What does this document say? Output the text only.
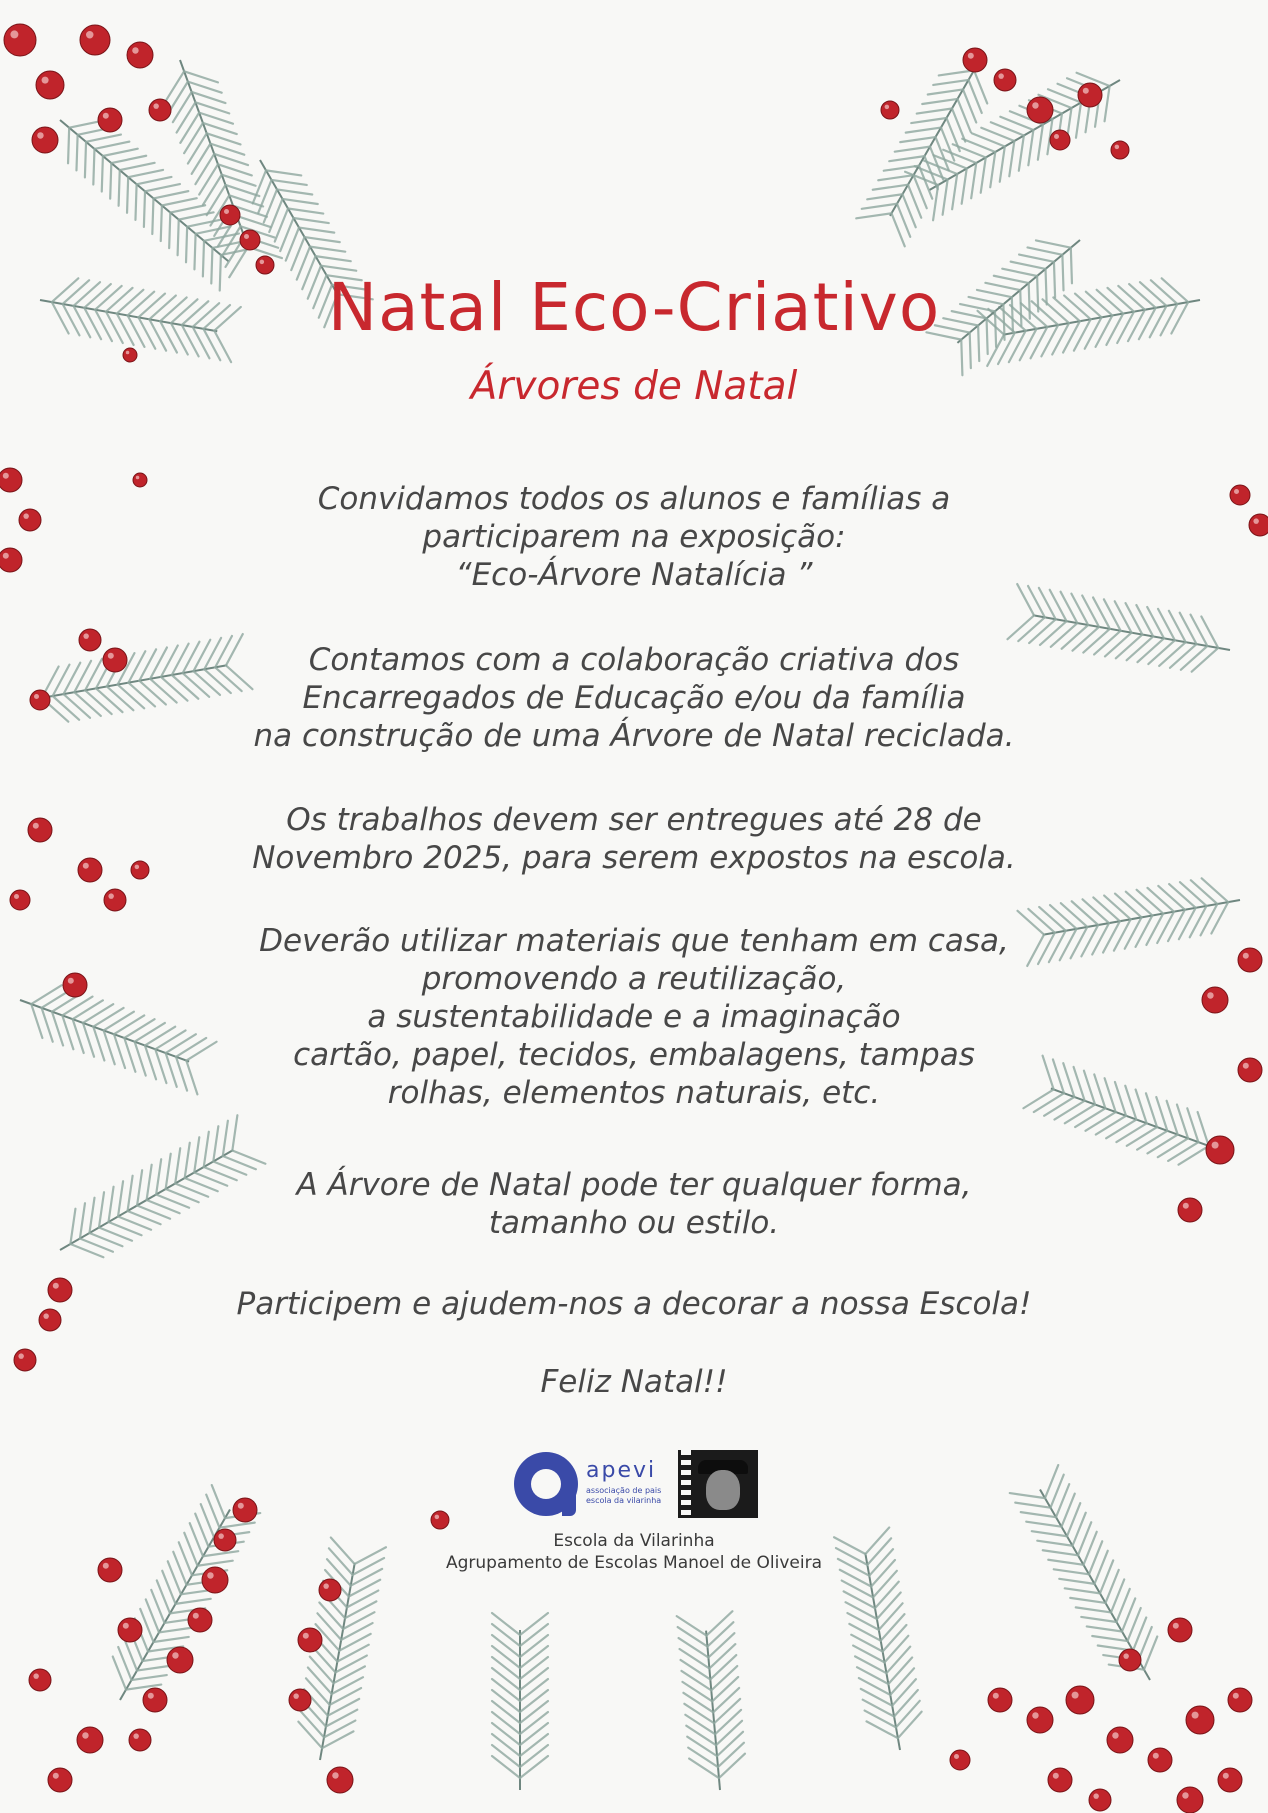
Natal Eco-Criativo
Árvores de Natal
Convidamos todos os alunos e famílias a
participarem na exposição:
“Eco-Árvore Natalícia ”
Contamos com a colaboração criativa dos
Encarregados de Educação e/ou da família
na construção de uma Árvore de Natal reciclada.
Os trabalhos devem ser entregues até 28 de
Novembro 2025, para serem expostos na escola.
Deverão utilizar materiais que tenham em casa,
promovendo a reutilização,
a sustentabilidade e a imaginação
cartão, papel, tecidos, embalagens, tampas
rolhas, elementos naturais, etc.
A Árvore de Natal pode ter qualquer forma,
tamanho ou estilo.
Participem e ajudem-nos a decorar a nossa Escola!
Feliz Natal!!
apevi
associação de pais escola da vilarinha
Escola da Vilarinha
Agrupamento de Escolas Manoel de Oliveira
